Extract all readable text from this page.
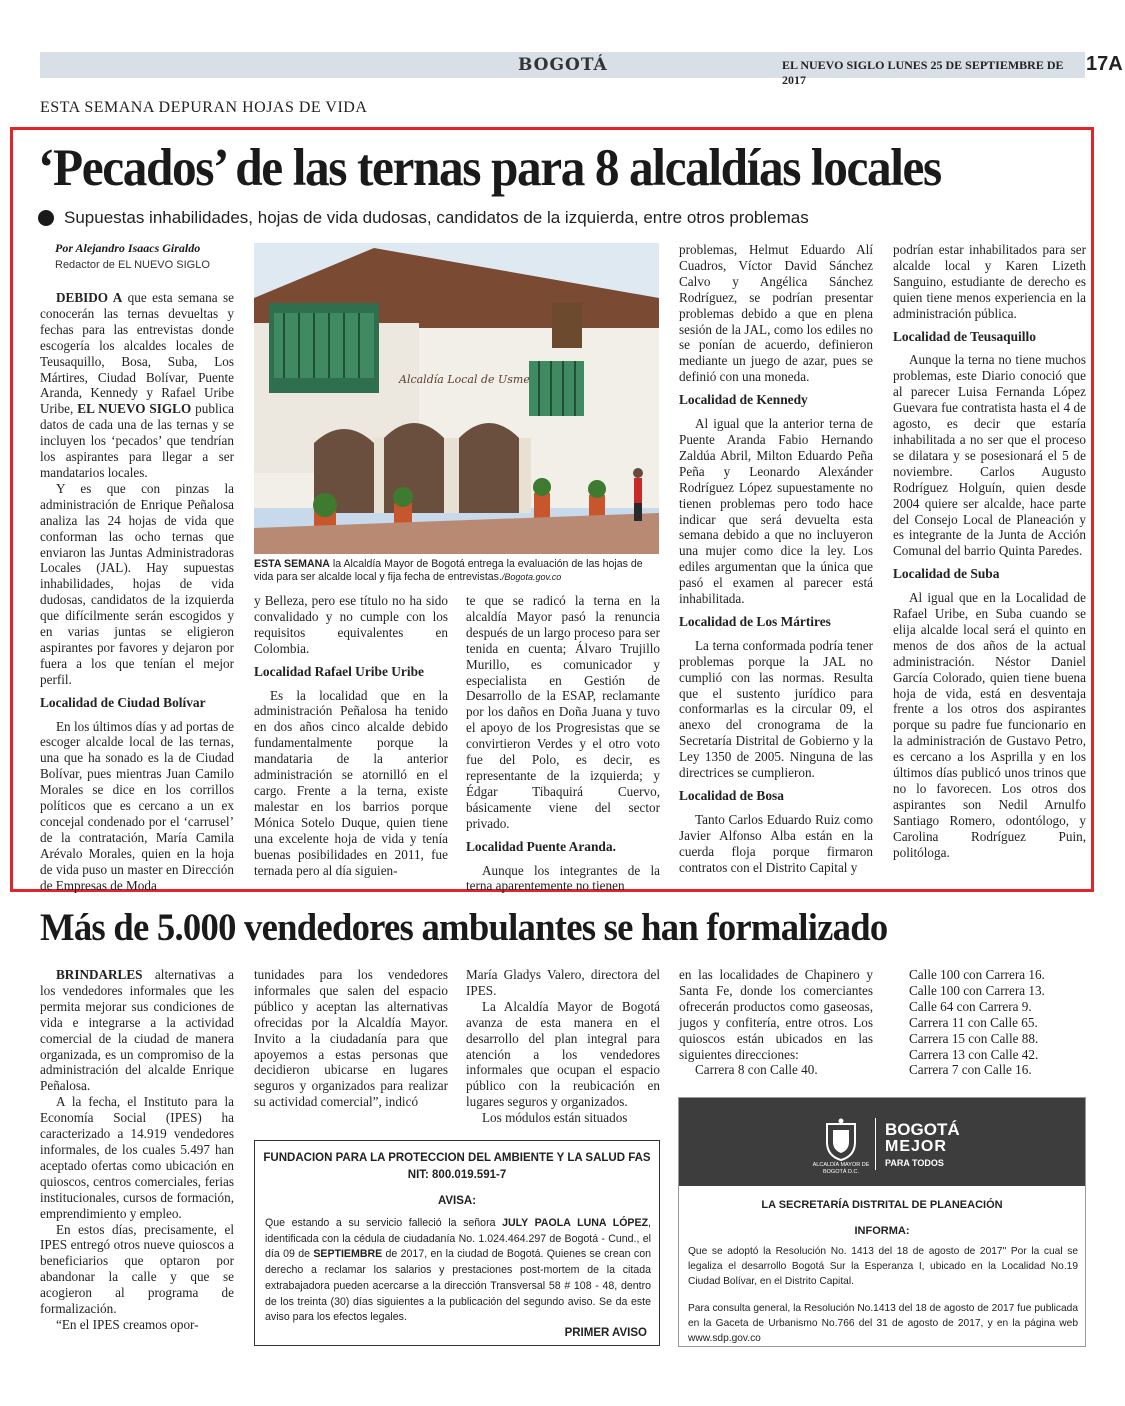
BOGOTÁ	EL NUEVO SIGLO LUNES 25 DE SEPTIEMBRE DE 2017
17A
ESTA SEMANA DEPURAN HOJAS DE VIDA
‘Pecados’ de las ternas para 8 alcaldías locales
Supuestas inhabilidades, hojas de vida dudosas, candidatos de la izquierda, entre otros problemas
Por Alejandro Isaacs Giraldo
Redactor de EL NUEVO SIGLO

DEBIDO A que esta semana se conocerán las ternas devueltas y fechas para las entrevistas donde escogería los alcaldes locales de Teusaquillo, Bosa, Suba, Los Mártires, Ciudad Bolívar, Puente Aranda, Kennedy y Rafael Uribe Uribe, EL NUEVO SIGLO publica datos de cada una de las ternas y se incluyen los ‘pecados’ que tendrían los aspirantes para llegar a ser mandatarios locales.

Y es que con pinzas la administración de Enrique Peñalosa analiza las 24 hojas de vida que conforman las ocho ternas que enviaron las Juntas Administradoras Locales (JAL). Hay supuestas inhabilidades, hojas de vida dudosas, candidatos de la izquierda que difícilmente serán escogidos y en varias juntas se eligieron aspirantes por favores y dejaron por fuera a los que tenían el mejor perfil.

Localidad de Ciudad Bolívar

En los últimos días y ad portas de escoger alcalde local de las ternas, una que ha sonado es la de Ciudad Bolívar, pues mientras Juan Camilo Morales se dice en los corrillos políticos que es cercano a un ex concejal condenado por el ‘carrusel’ de la contratación, María Camila Arévalo Morales, quien en la hoja de vida puso un master en Dirección de Empresas de Moda

Alcaldía Local de Usme
ESTA SEMANA la Alcaldía Mayor de Bogotá entrega la evaluación de las hojas de vida para ser alcalde local y fija fecha de entrevistas./Bogota.gov.co

y Belleza, pero ese título no ha sido convalidado y no cumple con los requisitos equivalentes en Colombia.

Localidad Rafael Uribe Uribe

Es la localidad que en la administración Peñalosa ha tenido en dos años cinco alcalde debido fundamentalmente porque la mandataria de la anterior administración se atornilló en el cargo. Frente a la terna, existe malestar en los barrios porque Mónica Sotelo Duque, quien tiene una excelente hoja de vida y tenía buenas posibilidades en 2011, fue ternada pero al día siguien-

te que se radicó la terna en la alcaldía Mayor pasó la renuncia después de un largo proceso para ser tenida en cuenta; Álvaro Trujillo Murillo, es comunicador y especialista en Gestión de Desarrollo de la ESAP, reclamante por los daños en Doña Juana y tuvo el apoyo de los Progresistas que se convirtieron Verdes y el otro voto fue del Polo, es decir, es representante de la izquierda; y Édgar Tibaquirá Cuervo, básicamente viene del sector privado.

Localidad Puente Aranda.

Aunque los integrantes de la terna aparentemente no tienen

problemas, Helmut Eduardo Alí Cuadros, Víctor David Sánchez Calvo y Angélica Sánchez Rodríguez, se podrían presentar problemas debido a que en plena sesión de la JAL, como los ediles no se ponían de acuerdo, definieron mediante un juego de azar, pues se definió con una moneda.

Localidad de Kennedy

Al igual que la anterior terna de Puente Aranda Fabio Hernando Zaldúa Abril, Milton Eduardo Peña Peña y Leonardo Alexánder Rodríguez López supuestamente no tienen problemas pero todo hace indicar que será devuelta esta semana debido a que no incluyeron una mujer como dice la ley. Los ediles argumentan que la única que pasó el examen al parecer está inhabilitada.

Localidad de Los Mártires

La terna conformada podría tener problemas porque la JAL no cumplió con las normas. Resulta que el sustento jurídico para conformarlas es la circular 09, el anexo del cronograma de la Secretaría Distrital de Gobierno y la Ley 1350 de 2005. Ninguna de las directrices se cumplieron.

Localidad de Bosa

Tanto Carlos Eduardo Ruiz como Javier Alfonso Alba están en la cuerda floja porque firmaron contratos con el Distrito Capital y

podrían estar inhabilitados para ser alcalde local y Karen Lizeth Sanguino, estudiante de derecho es quien tiene menos experiencia en la administración pública.

Localidad de Teusaquillo

Aunque la terna no tiene muchos problemas, este Diario conoció que al parecer Luisa Fernanda López Guevara fue contratista hasta el 4 de agosto, es decir que estaría inhabilitada a no ser que el proceso se dilatara y se posesionará el 5 de noviembre. Carlos Augusto Rodríguez Holguín, quien desde 2004 quiere ser alcalde, hace parte del Consejo Local de Planeación y es integrante de la Junta de Acción Comunal del barrio Quinta Paredes.

Localidad de Suba

Al igual que en la Localidad de Rafael Uribe, en Suba cuando se elija alcalde local será el quinto en menos de dos años de la actual administración. Néstor Daniel García Colorado, quien tiene buena hoja de vida, está en desventaja frente a los otros dos aspirantes porque su padre fue funcionario en la administración de Gustavo Petro, es cercano a los Asprilla y en los últimos días publicó unos trinos que no lo favorecen. Los otros dos aspirantes son Nedil Arnulfo Santiago Romero, odontólogo, y Carolina Rodríguez Puin, politóloga.

Más de 5.000 vendedores ambulantes se han formalizado

BRINDARLES alternativas a los vendedores informales que les permita mejorar sus condiciones de vida e integrarse a la actividad comercial de la ciudad de manera organizada, es un compromiso de la administración del alcalde Enrique Peñalosa.

A la fecha, el Instituto para la Economía Social (IPES) ha caracterizado a 14.919 vendedores informales, de los cuales 5.497 han aceptado ofertas como ubicación en quioscos, centros comerciales, ferias institucionales, cursos de formación, emprendimiento y empleo.

En estos días, precisamente, el IPES entregó otros nueve quioscos a beneficiarios que optaron por abandonar la calle y que se acogieron al programa de formalización.

“En el IPES creamos opor-

tunidades para los vendedores informales que salen del espacio público y aceptan las alternativas ofrecidas por la Alcaldía Mayor. Invito a la ciudadanía para que apoyemos a estas personas que decidieron ubicarse en lugares seguros y organizados para realizar su actividad comercial”, indicó

María Gladys Valero, directora del IPES.

La Alcaldía Mayor de Bogotá avanza de esta manera en el desarrollo del plan integral para atención a los vendedores informales que ocupan el espacio público con la reubicación en lugares seguros y organizados.

Los módulos están situados

en las localidades de Chapinero y Santa Fe, donde los comerciantes ofrecerán productos como gaseosas, jugos y confitería, entre otros. Los quioscos están ubicados en las siguientes direcciones:

Carrera 8 con Calle 40.

Calle 100 con Carrera 16.
Calle 100 con Carrera 13.
Calle 64 con Carrera 9.
Carrera 11 con Calle 65.
Carrera 15 con Calle 88.
Carrera 13 con Calle 42.
Carrera 7 con Calle 16.
FUNDACION PARA LA PROTECCION DEL AMBIENTE Y LA SALUD FAS
NIT: 800.019.591-7
AVISA:
Que estando a su servicio falleció la señora JULY PAOLA LUNA LÓPEZ, identificada con la cédula de ciudadanía No. 1.024.464.297 de Bogotá - Cund., el día 09 de SEPTIEMBRE de 2017, en la ciudad de Bogotá. Quienes se crean con derecho a reclamar los salarios y prestaciones post-mortem de la citada extrabajadora pueden acercarse a la dirección Transversal 58 # 108 - 48, dentro de los treinta (30) días siguientes a la publicación del segundo aviso. Se da este aviso para los efectos legales.
PRIMER AVISO
ALCALDÍA MAYOR DE BOGOTÁ D.C.
BOGOTÁ
MEJOR
PARA TODOS
LA SECRETARÍA DISTRITAL DE PLANEACIÓN
INFORMA:
Que se adoptó la Resolución No. 1413 del 18 de agosto de 2017" Por la cual se legaliza el desarrollo Bogotá Sur la Esperanza I, ubicado en la Localidad No.19 Ciudad Bolívar, en el Distrito Capital.
Para consulta general, la Resolución No.1413 del 18 de agosto de 2017 fue publicada en la Gaceta de Urbanismo No.766 del 31 de agosto de 2017, y en la página web www.sdp.gov.co
